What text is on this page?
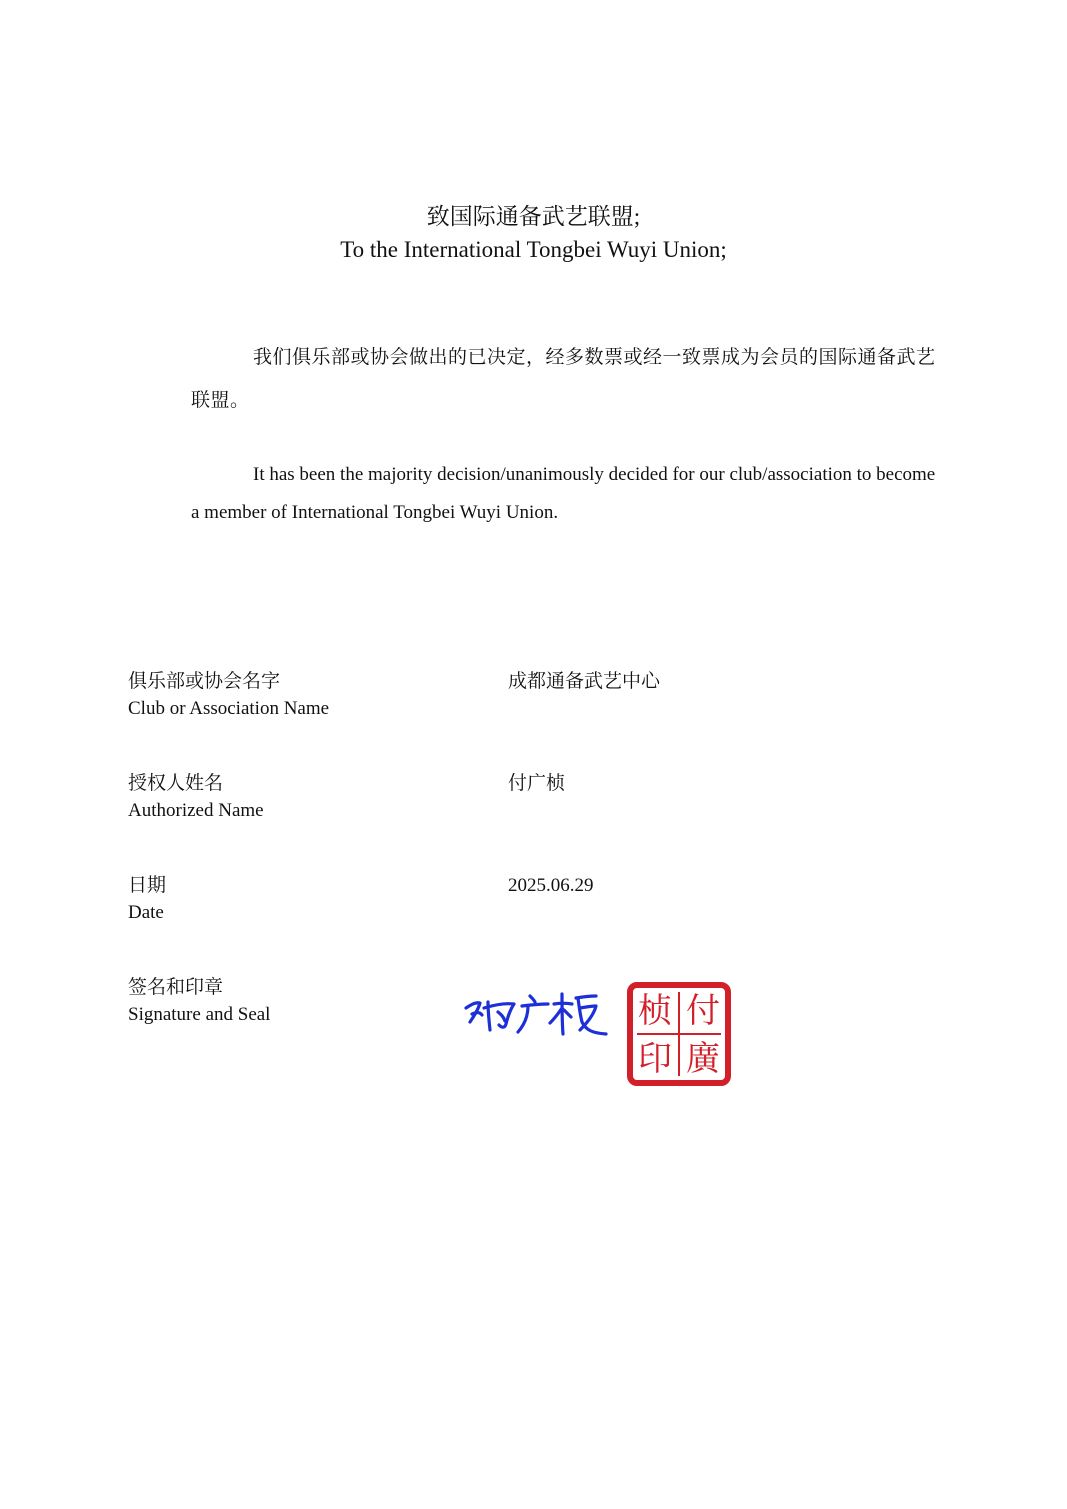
致国际通备武艺联盟;
To the International Tongbei Wuyi Union;
我们俱乐部或协会做出的已决定，经多数票或经一致票成为会员的国际通备武艺联盟。
It has been the majority decision/unanimously decided for our club/association to become a member of International Tongbei Wuyi Union.
俱乐部或协会名字
Club or Association Name
成都通备武艺中心
授权人姓名
Authorized Name
付广桢
日期
Date
2025.06.29
签名和印章
Signature and Seal	桢 付
印 廣
